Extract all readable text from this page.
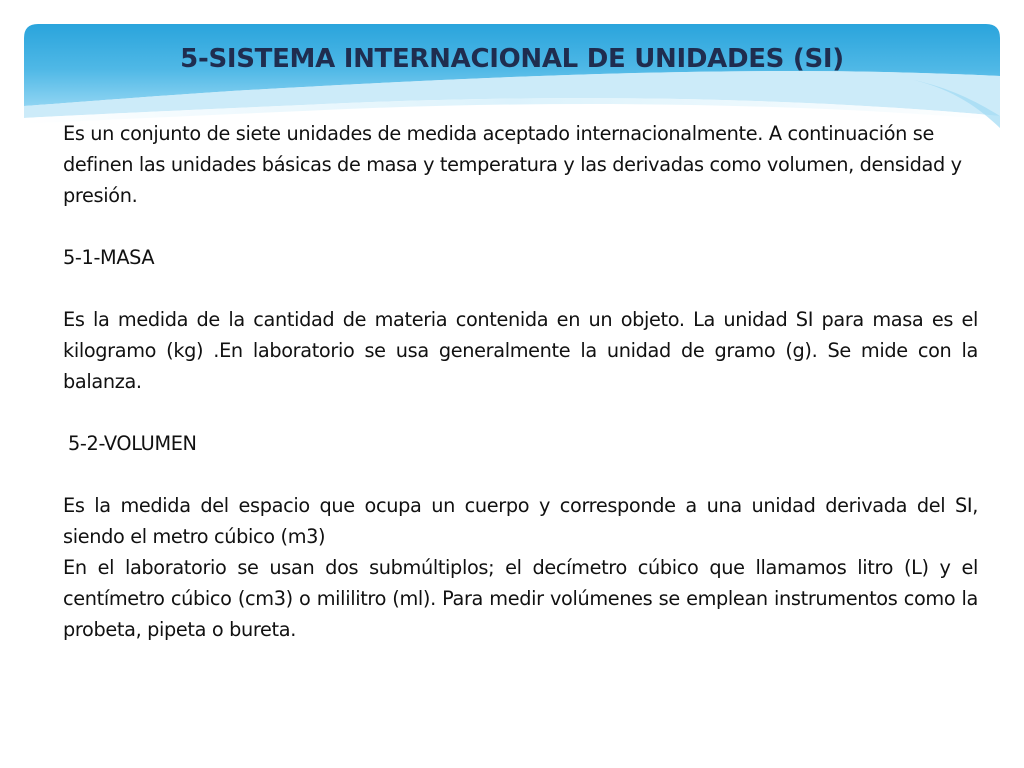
5-SISTEMA INTERNACIONAL DE UNIDADES (SI)

Es un conjunto de siete unidades de medida aceptado internacionalmente. A continuación se definen las unidades básicas de masa y temperatura y las derivadas como volumen, densidad y presión.

5-1-MASA

Es la medida de la cantidad de materia contenida en un objeto. La unidad SI para masa es el kilogramo (kg) .En laboratorio se usa generalmente la unidad de gramo (g). Se mide con la balanza.

5-2-VOLUMEN

Es la medida del espacio que ocupa un cuerpo y corresponde a una unidad derivada del SI, siendo el metro cúbico (m3)

En el laboratorio se usan dos submúltiplos; el decímetro cúbico que llamamos litro (L) y el centímetro cúbico (cm3) o mililitro (ml). Para medir volúmenes se emplean instrumentos como la probeta, pipeta o bureta.
